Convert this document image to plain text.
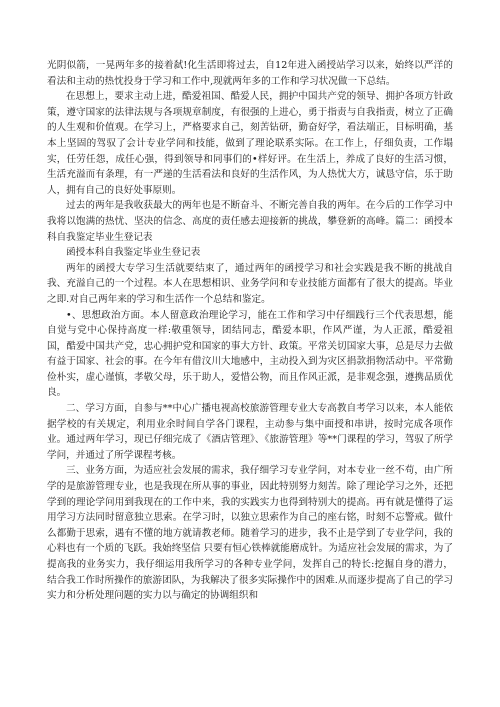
光阴似箭，一晃两年多的接着弑!化生活即将过去，自12年进入函授站学习以来，始终以严洋的看法和主动的热忱投身于学习和工作中,现就两年多的工作和学习状况做一下总结。

在思想上，要求主动上进，酷爱祖国、酷爱人民，拥护中国共产党的领导、拥护各项方针政策，遵守国家的法律法规与各项规章制度，有很强的上进心，勇于指责与自我指责，树立了正确的人生观和价值观。在学习上，严格要求自己，刻苦钻研，勤奋好学，看法端正，目标明确，基本上坚固的驾驭了会计专业学问和技能，做到了理论联系实际。在工作上，仔细负责，工作塌实，任劳任怨，成任心强，得到领导和同事们的•样好评。在生活上，养成了良好的生活习惯，生活充溢而有条理，有一严递的生活看法和良好的生活作风，为人热忧大方，诚恳守信，乐于助人，拥有自己的良好处事原则。

过去的两年是我收获最大的两年也是不断奋斗、不断完善自我的两年。在今后的工作学习中我将以饱满的热忧、坚决的信念、高度的责任感去迎接新的挑战，攀登新的高峰。篇二：函授本科自我鉴定毕业生登记表

函授本科自我鉴定毕业生登记表

两年的函授大专学习生活就要结束了，通过两年的函授学习和社会实践是我不断的挑战自我、充溢自己的一个过程。本人在思想相识、业务学问和专业技能方面都有了很大的提高。毕业之即.对自己两年来的学习和生活作一个总结和鉴定。

•、思想政治方面。本人留意政治理论学习，能在工作和学习中仔细践行三个代表思想，能自觉与党中心保持高度一样:敬重领导，团结同志，酷爱本职，作风严谨，为人正派，酷爱祖国，酷爱中国共产党，忠心拥护党和国家的事大方针、政策。平常关切国家大事，总是尽力去做有益于国家、社会的事。在今年有借汶川大地感中，主动投入到为灾区捐款捐物活动中。平常勤俭朴实，虚心谨慎，孝敬父母，乐于助人，爱惜公物，而且作风正派，是非观念强，遵携品质优良。

二、学习方面，自参与**中心广播电视高校旅游管理专业大专高教自考学习以来，本人能依据学校的有关规定，利用业余时间自学各门课程，主动参与集中面授和串讲，按时完成各项作业。通过两年学习，现已仔细完成了《酒店管理》、《旅游管理》等**门课程的学习，驾驭了所学学问，并通过了所学课程考核。

三、业务方面，为适应社会发展的需求，我仔细学习专业学问，对本专业一丝不苟，由广所学的是旅游管理专业，也是我现在所从事的事业，因此特别努力刻苦。除了理论学习之外，还把学到的理论学问用到我现在的工作中来，我的实践实力也得到特别大的提高。再有就是懂得了运用学习方法同时留意独立思索。在学习时，以独立思索作为自己的座右铭，时刻不忘警戒。做什么都勤于思索，遇有不懂的地方就请教老师。随着学习的进步，我不止是学到了专业学问，我的心料也有一个质的飞跃。我始终坚信 只要有恒心铁棒就能磨成针。为适应社会发展的需求，为了提高我的业务实力，我仔细运用我所学习的各种专业学问，发挥自己的特长:挖掘自身的潜力，结合我工作时所操作的旅游团队，为我解决了很多实际操作中的困难.从而逐步提高了自己的学习实力和分析处理问题的实力以与确定的协调组织和
